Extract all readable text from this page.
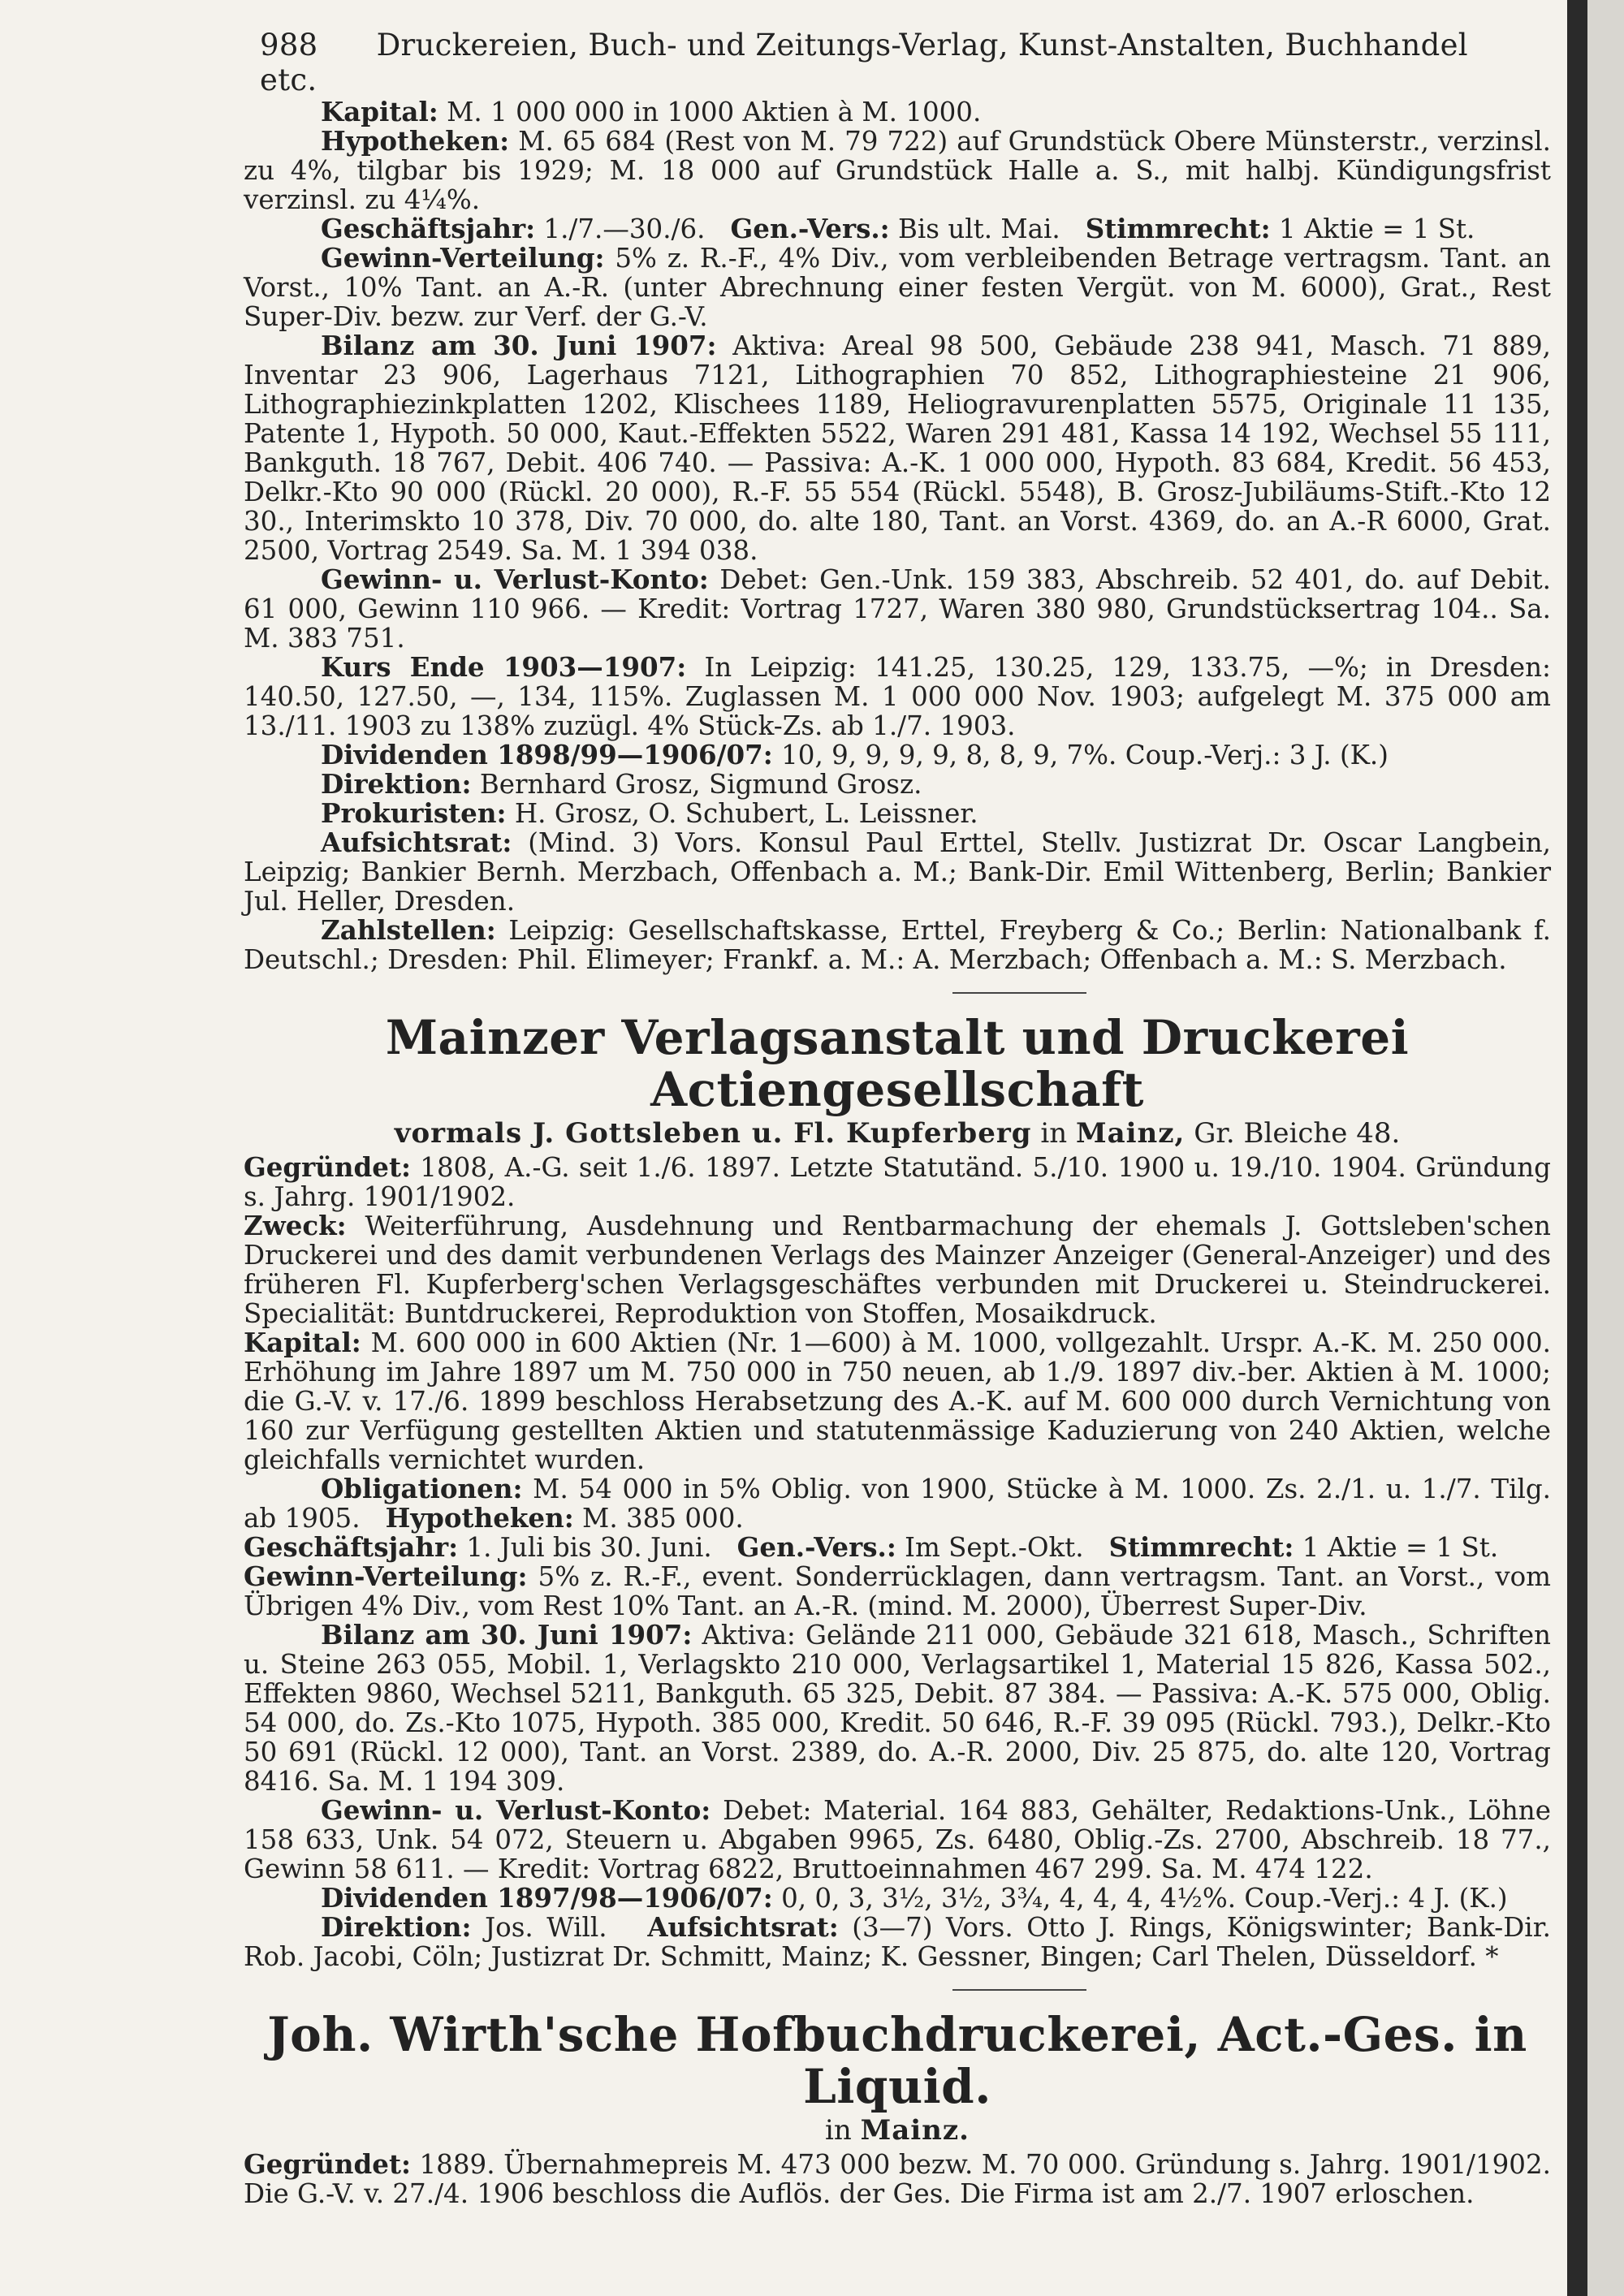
988 Druckereien, Buch- und Zeitungs-Verlag, Kunst-Anstalten, Buchhandel etc.

Kapital: M. 1 000 000 in 1000 Aktien à M. 1000.

Hypotheken: M. 65 684 (Rest von M. 79 722) auf Grundstück Obere Münsterstr., verzinsl. zu 4%, tilgbar bis 1929; M. 18 000 auf Grundstück Halle a. S., mit halbj. Kündigungsfrist verzinsl. zu 4¼%.

Geschäftsjahr: 1./7.—30./6. Gen.-Vers.: Bis ult. Mai. Stimmrecht: 1 Aktie = 1 St.

Gewinn-Verteilung: 5% z. R.-F., 4% Div., vom verbleibenden Betrage vertragsm. Tant. an Vorst., 10% Tant. an A.-R. (unter Abrechnung einer festen Vergüt. von M. 6000), Grat., Rest Super-Div. bezw. zur Verf. der G.-V.

Bilanz am 30. Juni 1907: Aktiva: Areal 98 500, Gebäude 238 941, Masch. 71 889, Inventar 23 906, Lagerhaus 7121, Lithographien 70 852, Lithographiesteine 21 906, Lithographiezinkplatten 1202, Klischees 1189, Heliogravurenplatten 5575, Originale 11 135, Patente 1, Hypoth. 50 000, Kaut.-Effekten 5522, Waren 291 481, Kassa 14 192, Wechsel 55 111, Bankguth. 18 767, Debit. 406 740. — Passiva: A.-K. 1 000 000, Hypoth. 83 684, Kredit. 56 453, Delkr.-Kto 90 000 (Rückl. 20 000), R.-F. 55 554 (Rückl. 5548), B. Grosz-Jubiläums-Stift.-Kto 12 30., Interimskto 10 378, Div. 70 000, do. alte 180, Tant. an Vorst. 4369, do. an A.-R 6000, Grat. 2500, Vortrag 2549. Sa. M. 1 394 038.

Gewinn- u. Verlust-Konto: Debet: Gen.-Unk. 159 383, Abschreib. 52 401, do. auf Debit. 61 000, Gewinn 110 966. — Kredit: Vortrag 1727, Waren 380 980, Grundstücksertrag 104.. Sa. M. 383 751.

Kurs Ende 1903—1907: In Leipzig: 141.25, 130.25, 129, 133.75, —%; in Dresden: 140.50, 127.50, —, 134, 115%. Zuglassen M. 1 000 000 Nov. 1903; aufgelegt M. 375 000 am 13./11. 1903 zu 138% zuzügl. 4% Stück-Zs. ab 1./7. 1903.

Dividenden 1898/99—1906/07: 10, 9, 9, 9, 9, 8, 8, 9, 7%. Coup.-Verj.: 3 J. (K.)

Direktion: Bernhard Grosz, Sigmund Grosz.

Prokuristen: H. Grosz, O. Schubert, L. Leissner.

Aufsichtsrat: (Mind. 3) Vors. Konsul Paul Erttel, Stellv. Justizrat Dr. Oscar Langbein, Leipzig; Bankier Bernh. Merzbach, Offenbach a. M.; Bank-Dir. Emil Wittenberg, Berlin; Bankier Jul. Heller, Dresden.

Zahlstellen: Leipzig: Gesellschaftskasse, Erttel, Freyberg & Co.; Berlin: Nationalbank f. Deutschl.; Dresden: Phil. Elimeyer; Frankf. a. M.: A. Merzbach; Offenbach a. M.: S. Merzbach.

Mainzer Verlagsanstalt und Druckerei Actiengesellschaft
vormals J. Gottsleben u. Fl. Kupferberg in Mainz, Gr. Bleiche 48.

Gegründet: 1808, A.-G. seit 1./6. 1897. Letzte Statutänd. 5./10. 1900 u. 19./10. 1904. Gründung s. Jahrg. 1901/1902.

Zweck: Weiterführung, Ausdehnung und Rentbarmachung der ehemals J. Gottsleben'schen Druckerei und des damit verbundenen Verlags des Mainzer Anzeiger (General-Anzeiger) und des früheren Fl. Kupferberg'schen Verlagsgeschäftes verbunden mit Druckerei u. Steindruckerei. Specialität: Buntdruckerei, Reproduktion von Stoffen, Mosaikdruck.

Kapital: M. 600 000 in 600 Aktien (Nr. 1—600) à M. 1000, vollgezahlt. Urspr. A.-K. M. 250 000. Erhöhung im Jahre 1897 um M. 750 000 in 750 neuen, ab 1./9. 1897 div.-ber. Aktien à M. 1000; die G.-V. v. 17./6. 1899 beschloss Herabsetzung des A.-K. auf M. 600 000 durch Vernichtung von 160 zur Verfügung gestellten Aktien und statutenmässige Kaduzierung von 240 Aktien, welche gleichfalls vernichtet wurden.

Obligationen: M. 54 000 in 5% Oblig. von 1900, Stücke à M. 1000. Zs. 2./1. u. 1./7. Tilg. ab 1905. Hypotheken: M. 385 000.

Geschäftsjahr: 1. Juli bis 30. Juni. Gen.-Vers.: Im Sept.-Okt. Stimmrecht: 1 Aktie = 1 St.

Gewinn-Verteilung: 5% z. R.-F., event. Sonderrücklagen, dann vertragsm. Tant. an Vorst., vom Übrigen 4% Div., vom Rest 10% Tant. an A.-R. (mind. M. 2000), Überrest Super-Div.

Bilanz am 30. Juni 1907: Aktiva: Gelände 211 000, Gebäude 321 618, Masch., Schriften u. Steine 263 055, Mobil. 1, Verlagskto 210 000, Verlagsartikel 1, Material 15 826, Kassa 502., Effekten 9860, Wechsel 5211, Bankguth. 65 325, Debit. 87 384. — Passiva: A.-K. 575 000, Oblig. 54 000, do. Zs.-Kto 1075, Hypoth. 385 000, Kredit. 50 646, R.-F. 39 095 (Rückl. 793.), Delkr.-Kto 50 691 (Rückl. 12 000), Tant. an Vorst. 2389, do. A.-R. 2000, Div. 25 875, do. alte 120, Vortrag 8416. Sa. M. 1 194 309.

Gewinn- u. Verlust-Konto: Debet: Material. 164 883, Gehälter, Redaktions-Unk., Löhne 158 633, Unk. 54 072, Steuern u. Abgaben 9965, Zs. 6480, Oblig.-Zs. 2700, Abschreib. 18 77., Gewinn 58 611. — Kredit: Vortrag 6822, Bruttoeinnahmen 467 299. Sa. M. 474 122.

Dividenden 1897/98—1906/07: 0, 0, 3, 3½, 3½, 3¾, 4, 4, 4, 4½%. Coup.-Verj.: 4 J. (K.)

Direktion: Jos. Will. Aufsichtsrat: (3—7) Vors. Otto J. Rings, Königswinter; Bank-Dir. Rob. Jacobi, Cöln; Justizrat Dr. Schmitt, Mainz; K. Gessner, Bingen; Carl Thelen, Düsseldorf. *

Joh. Wirth'sche Hofbuchdruckerei, Act.-Ges. in Liquid.
in Mainz.

Gegründet: 1889. Übernahmepreis M. 473 000 bezw. M. 70 000. Gründung s. Jahrg. 1901/1902. Die G.-V. v. 27./4. 1906 beschloss die Auflös. der Ges. Die Firma ist am 2./7. 1907 erloschen.
